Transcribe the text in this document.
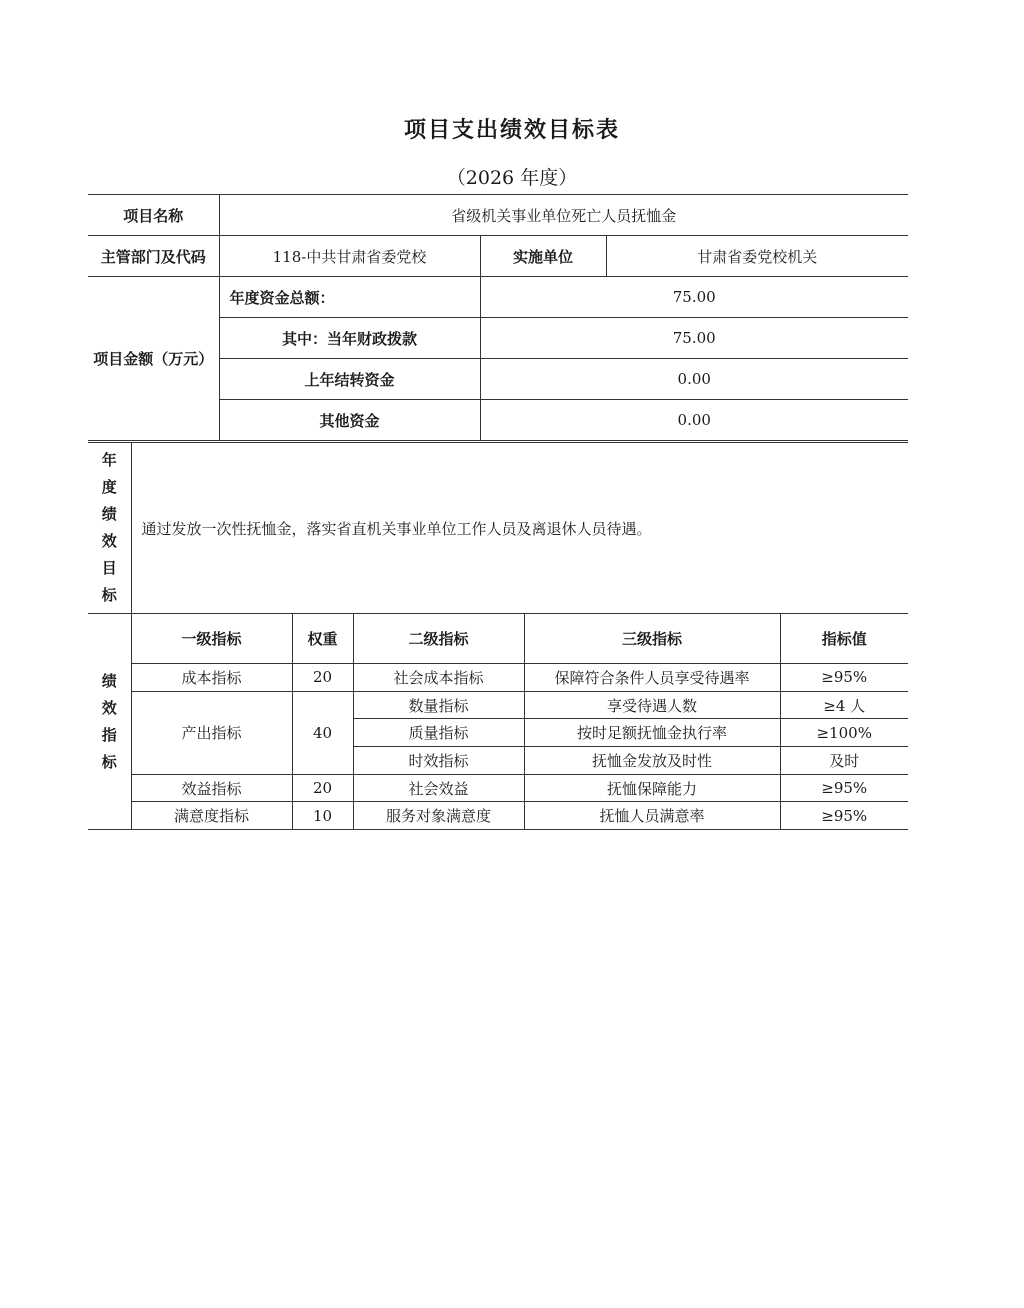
项目支出绩效目标表
（2026 年度）
项目名称	省级机关事业单位死亡人员抚恤金		
主管部门及代码	118-中共甘肃省委党校	实施单位	甘肃省委党校机关
项目金额（万元）	年度资金总额：	75.00	
	其中：当年财政拨款	75.00	
	上年结转资金	0.00	
	其他资金	0.00	
年
度
绩
效
目
标
	通过发放一次性抚恤金，落实省直机关事业单位工作人员及离退休人员待遇。
绩
效
指
标	一级指标	权重	二级指标	三级指标	指标值
	成本指标	20	社会成本指标	保障符合条件人员享受待遇率	≥95%
	产出指标	40	数量指标	享受待遇人数	≥4 人
			质量指标	按时足额抚恤金执行率	≥100%
			时效指标	抚恤金发放及时性	及时
	效益指标	20	社会效益	抚恤保障能力	≥95%
	满意度指标	10	服务对象满意度	抚恤人员满意率	≥95%
